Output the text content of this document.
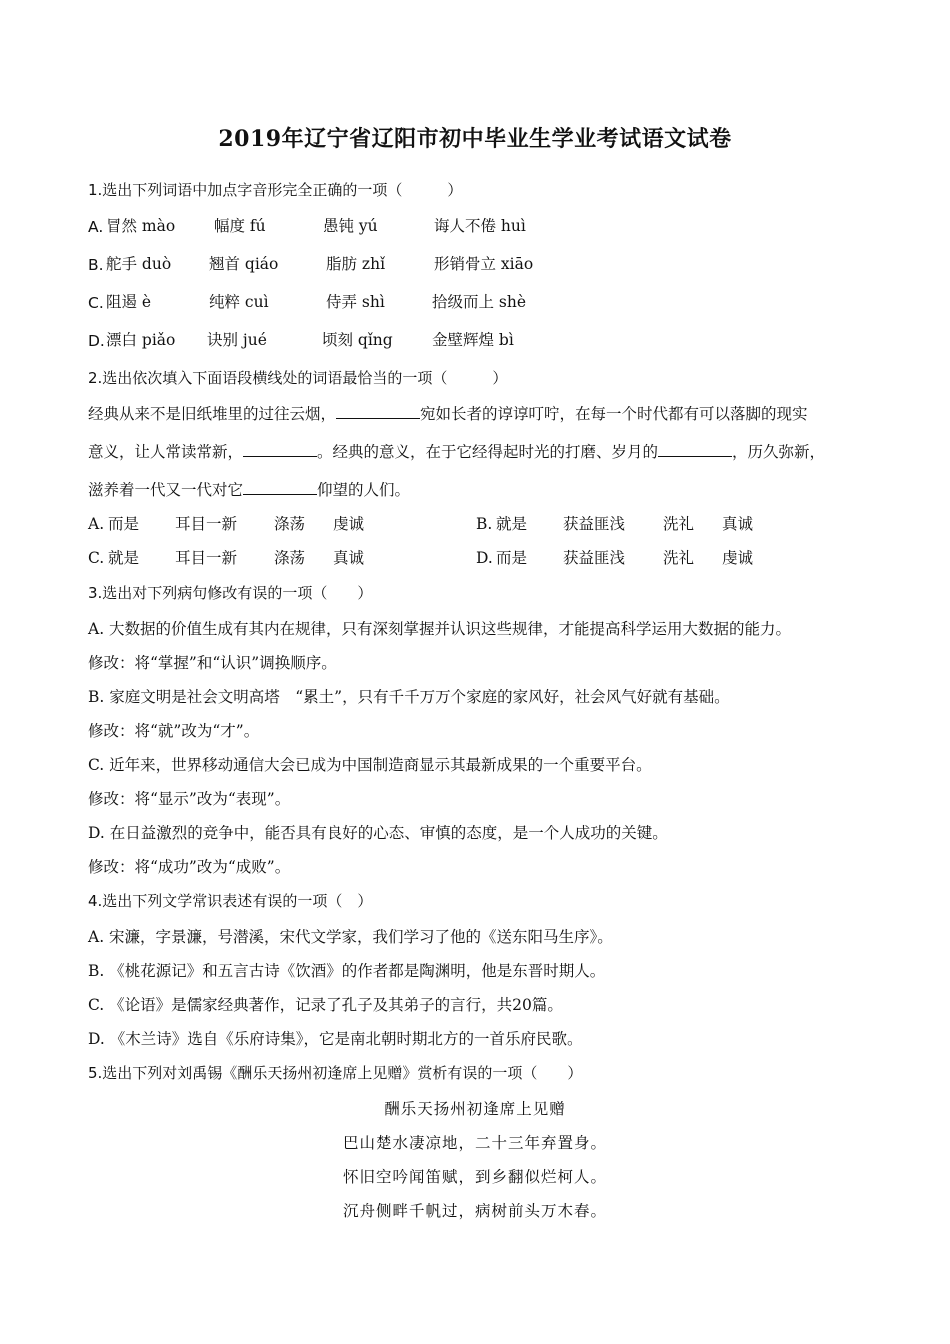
2019年辽宁省辽阳市初中毕业生学业考试语文试卷
1.选出下列词语中加点字音形完全正确的一项（　　　）
A. 冒然 mào	幅度 fú	愚钝 yú	诲人不倦 huì
B. 舵手 duò 翘首 qiáo	脂肪 zhǐ	形销骨立 xiāo
C. 阻遏 è	纯粹 cuì	侍弄 shì	拾级而上 shè
D. 漂白 piǎo 诀别 jué	顷刻 qǐng	金壁辉煌 bì
2.选出依次填入下面语段横线处的词语最恰当的一项（　　　）
经典从来不是旧纸堆里的过往云烟，	宛如长者的谆谆叮咛，在每一个时代都有可以落脚的现实
意义，让人常读常新，	。经典的意义，在于它经得起时光的打磨、岁月的	，历久弥新，
滋养着一代又一代对它	仰望的人们。
A. 而是 耳目一新 涤荡 虔诚	B. 就是 获益匪浅 洗礼 真诚
C. 就是 耳目一新 涤荡 真诚	D. 而是 获益匪浅 洗礼 虔诚
3.选出对下列病句修改有误的一项（　　）
A. 大数据的价值生成有其内在规律，只有深刻掌握并认识这些规律，才能提高科学运用大数据的能力。
修改：将“掌握”和“认识”调换顺序。
B. 家庭文明是社会文明高塔　“累土”，只有千千万万个家庭的家风好，社会风气好就有基础。
修改：将“就”改为“才”。
C. 近年来，世界移动通信大会已成为中国制造商显示其最新成果的一个重要平台。
修改：将“显示”改为“表现”。
D. 在日益激烈的竞争中，能否具有良好的心态、审慎的态度，是一个人成功的关键。
修改：将“成功”改为“成败”。
4.选出下列文学常识表述有误的一项（　）
A. 宋濂，字景濂，号潜溪，宋代文学家，我们学习了他的《送东阳马生序》。
B. 《桃花源记》和五言古诗《饮酒》的作者都是陶渊明，他是东晋时期人。
C. 《论语》是儒家经典著作，记录了孔子及其弟子的言行，共20篇。
D. 《木兰诗》选自《乐府诗集》，它是南北朝时期北方的一首乐府民歌。
5.选出下列对刘禹锡《酬乐天扬州初逢席上见赠》赏析有误的一项（　　）
酬乐天扬州初逢席上见赠
巴山楚水凄凉地，二十三年弃置身。
怀旧空吟闻笛赋，到乡翻似烂柯人。
沉舟侧畔千帆过，病树前头万木春。
